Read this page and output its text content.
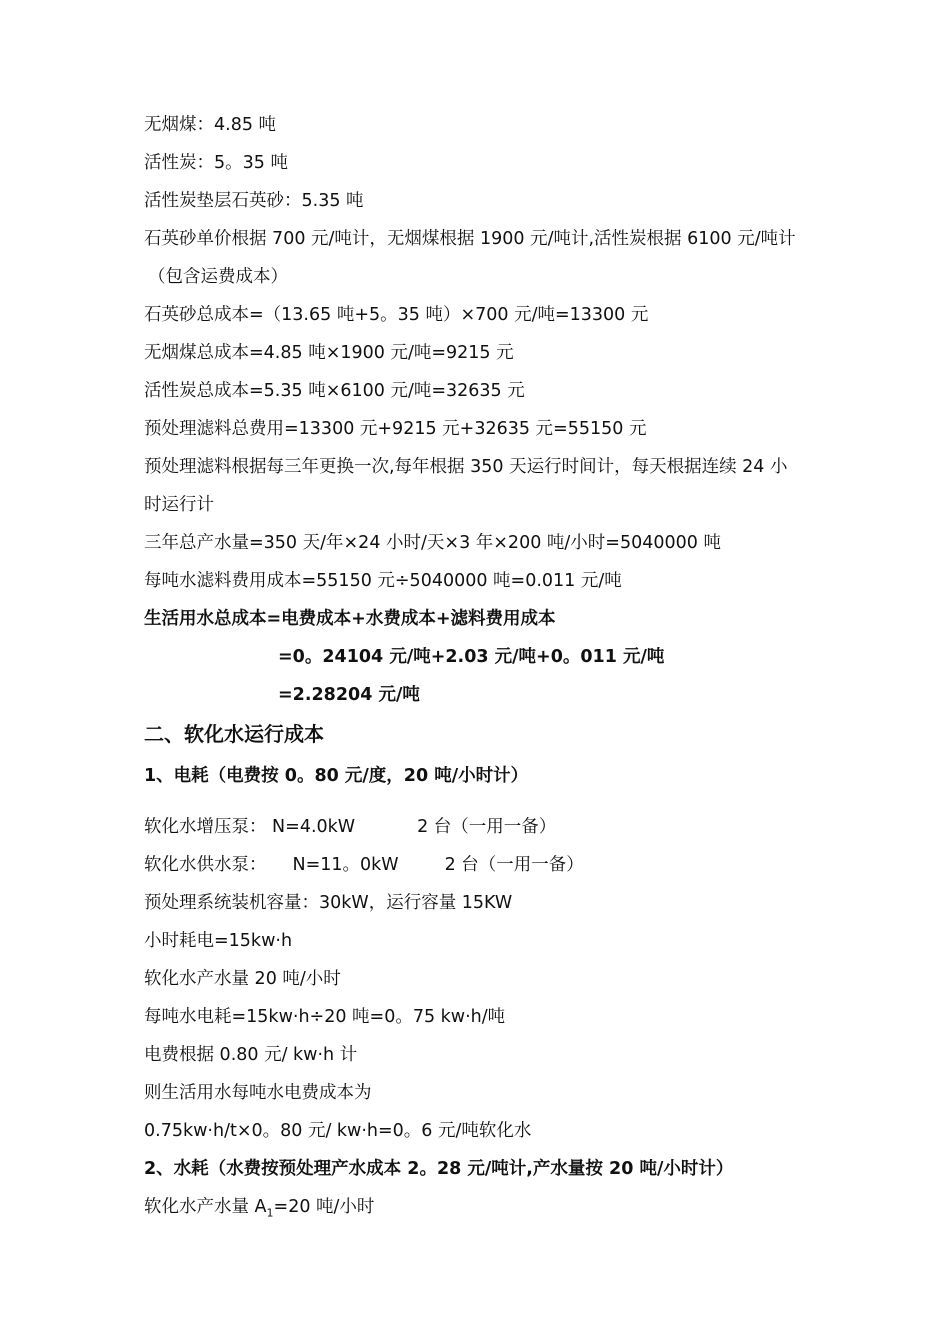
无烟煤：4.85 吨
活性炭：5。35 吨
活性炭垫层石英砂：5.35 吨
石英砂单价根据 700 元/吨计，无烟煤根据 1900 元/吨计,活性炭根据 6100 元/吨计
（包含运费成本）
石英砂总成本=（13.65 吨+5。35 吨）×700 元/吨=13300 元
无烟煤总成本=4.85 吨×1900 元/吨=9215 元
活性炭总成本=5.35 吨×6100 元/吨=32635 元
预处理滤料总费用=13300 元+9215 元+32635 元=55150 元
预处理滤料根据每三年更换一次,每年根据 350 天运行时间计，每天根据连续 24 小
时运行计
三年总产水量=350 天/年×24 小时/天×3 年×200 吨/小时=5040000 吨
每吨水滤料费用成本=55150 元÷5040000 吨=0.011 元/吨
生活用水总成本=电费成本+水费成本+滤料费用成本
=0。24104 元/吨+2.03 元/吨+0。011 元/吨
=2.28204 元/吨
二、软化水运行成本
1、电耗（电费按 0。80 元/度，20 吨/小时计）
软化水增压泵： N=4.0kW	2 台（一用一备）
软化水供水泵： N=11。0kW	2 台（一用一备）
预处理系统装机容量：30kW，运行容量 15KW
小时耗电=15kw·h
软化水产水量 20 吨/小时
每吨水电耗=15kw·h÷20 吨=0。75 kw·h/吨
电费根据 0.80 元/ kw·h 计
则生活用水每吨水电费成本为
0.75kw·h/t×0。80 元/ kw·h=0。6 元/吨软化水
2、水耗（水费按预处理产水成本 2。28 元/吨计,产水量按 20 吨/小时计）
软化水产水量 $A_1=20$ 吨/小时
